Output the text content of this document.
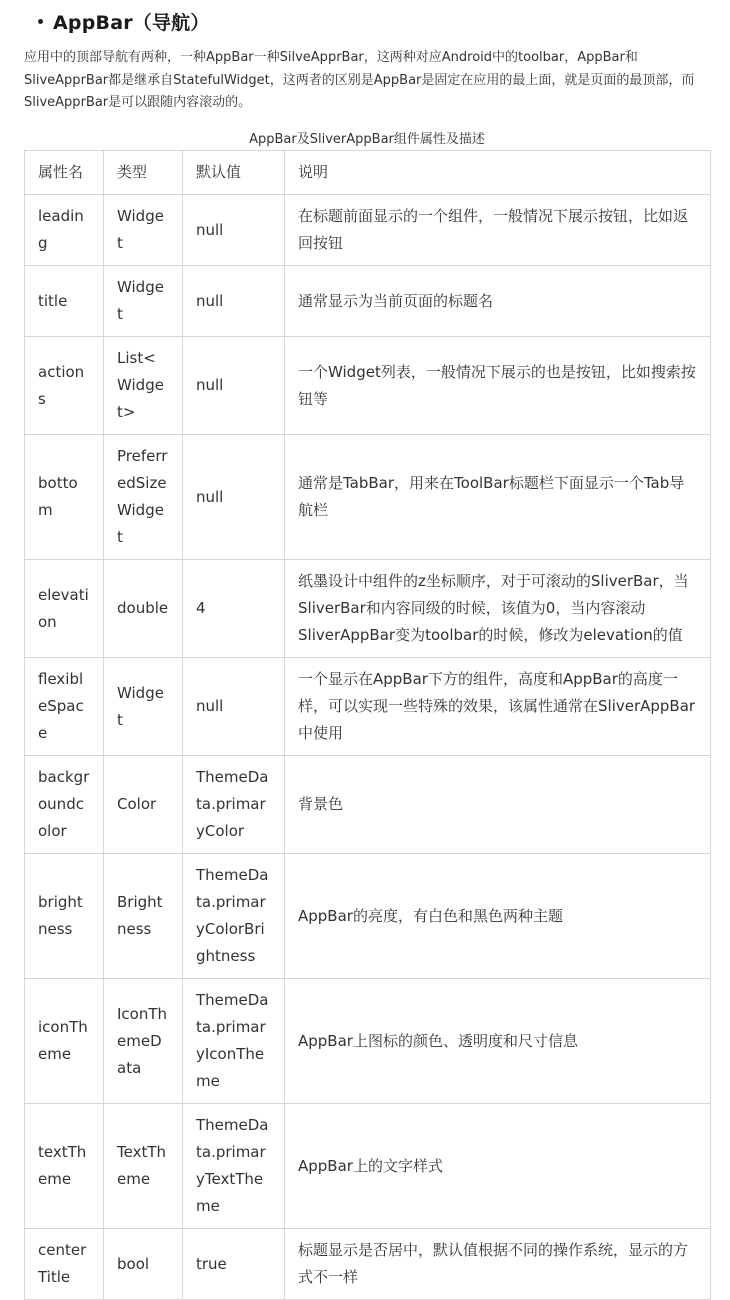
AppBar（导航）

应用中的顶部导航有两种，一种AppBar一种SilveApprBar，这两种对应Android中的toolbar，AppBar和SliveApprBar都是继承自StatefulWidget，这两者的区别是AppBar是固定在应用的最上面，就是页面的最顶部，而SliveApprBar是可以跟随内容滚动的。

AppBar及SliverAppBar组件属性及描述
属性名	类型	默认值	说明
leading	Widget	null	在标题前面显示的一个组件，一般情况下展示按钮，比如返回按钮
title	Widget	null	通常显示为当前页面的标题名
actions	List<Widget>	null	一个Widget列表，一般情况下展示的也是按钮，比如搜索按钮等
bottom	PreferredSizeWidget	null	通常是TabBar，用来在ToolBar标题栏下面显示一个Tab导航栏
elevation	double	4	纸墨设计中组件的z坐标顺序，对于可滚动的SliverBar，当SliverBar和内容同级的时候，该值为0，当内容滚动SliverAppBar变为toolbar的时候，修改为elevation的值
flexibleSpace	Widget	null	一个显示在AppBar下方的组件，高度和AppBar的高度一样，可以实现一些特殊的效果，该属性通常在SliverAppBar中使用
backgroundcolor	Color	ThemeData.primaryColor	背景色
brightness	Brightness	ThemeData.primaryColorBrightness	AppBar的亮度，有白色和黑色两种主题
iconTheme	IconThemeData	ThemeData.primaryIconTheme	AppBar上图标的颜色、透明度和尺寸信息
textTheme	TextTheme	ThemeData.primaryTextTheme	AppBar上的文字样式
centerTitle	bool	true	标题显示是否居中，默认值根据不同的操作系统，显示的方式不一样
